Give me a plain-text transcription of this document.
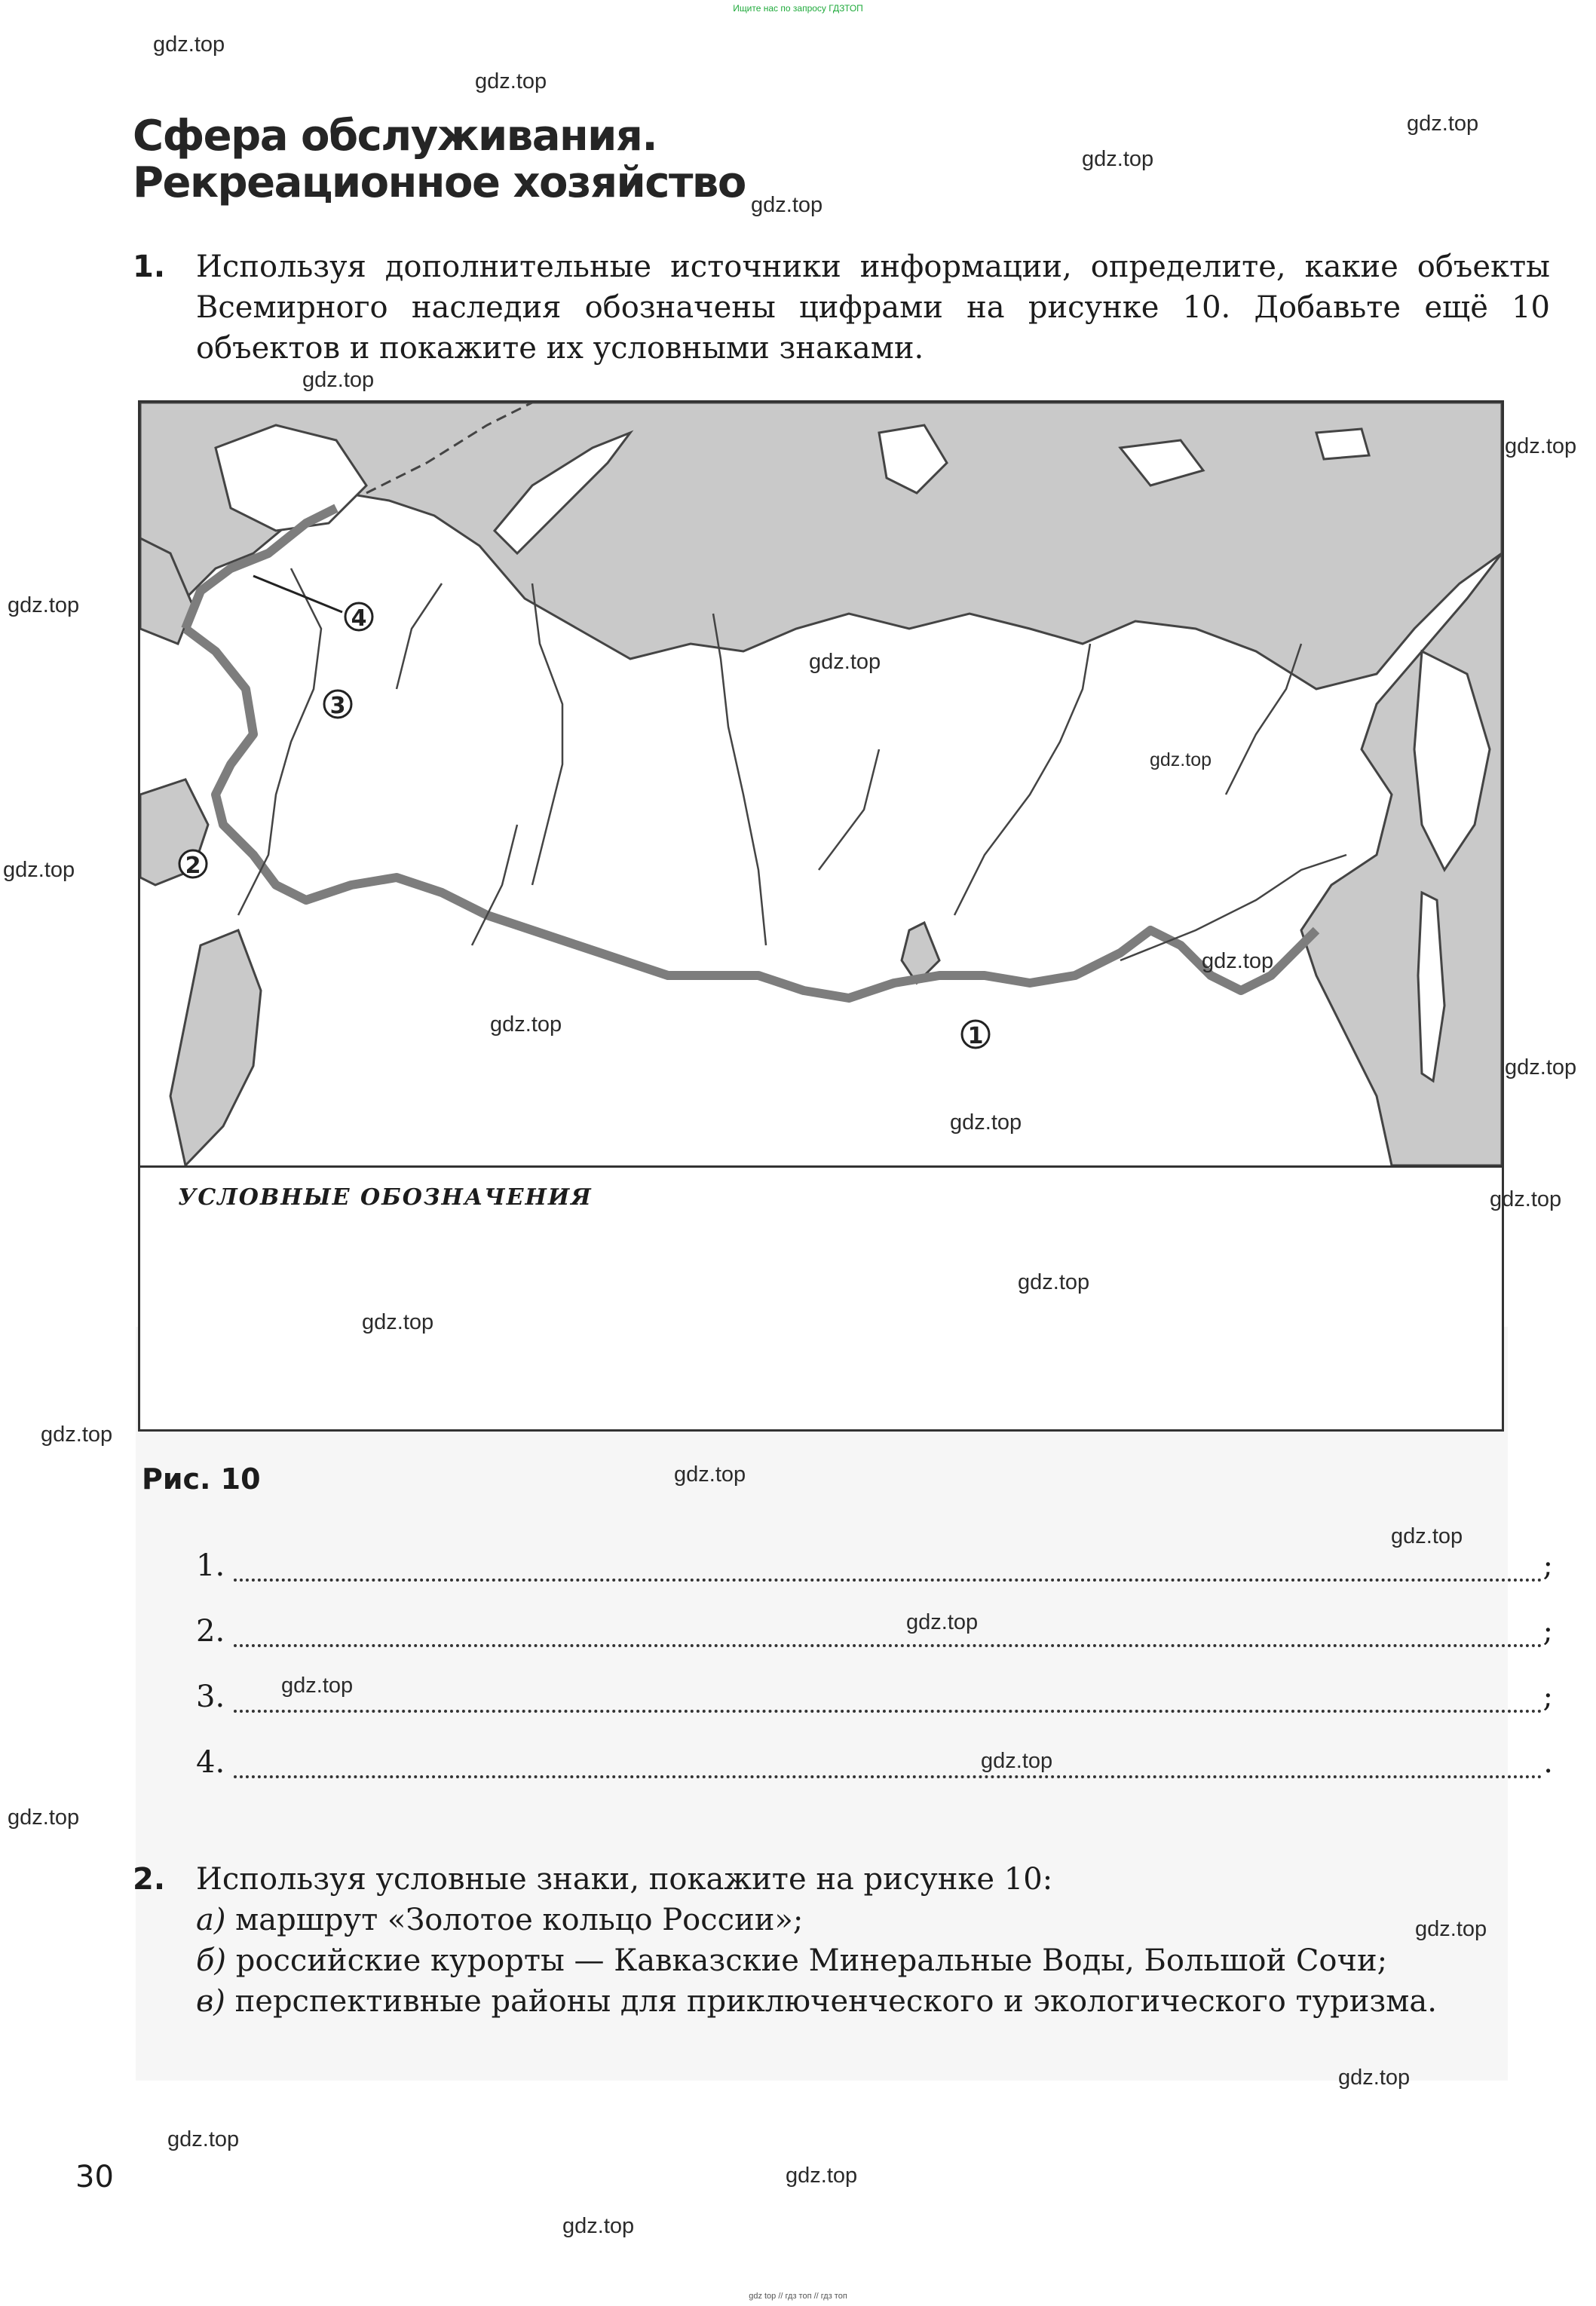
Ищите нас по запросу ГДЗТОП
Сфера обслуживания.
Рекреационное хозяйство
1. Используя дополнительные источники информации, определите, какие объекты Всемирного наследия обозначены цифрами на рисунке 10. Добавьте ещё 10 объектов и покажите их условными знаками.
1
2
3
4
УСЛОВНЫЕ ОБОЗНАЧЕНИЯ
Рис. 10
1.	;
2.	;
3.	;
4.	.
2. Используя условные знаки, покажите на рисунке 10:
а) маршрут «Золотое кольцо России»;
б) российские курорты — Кавказские Минеральные Воды, Большой Сочи;
в) перспективные районы для приключенческого и экологического туризма.
30
gdz.top
gdz.top
gdz.top
gdz.top
gdz.top
gdz.top
gdz.top
gdz.top
gdz.top
gdz.top
gdz.top
gdz.top
gdz.top
gdz.top
gdz.top
gdz.top
gdz.top
gdz.top
gdz.top
gdz.top
gdz.top
gdz.top
gdz.top
gdz.top
gdz.top
gdz.top
gdz.top
gdz.top
gdz.top
gdz.top
gdz top // гдз топ // гдз топ
